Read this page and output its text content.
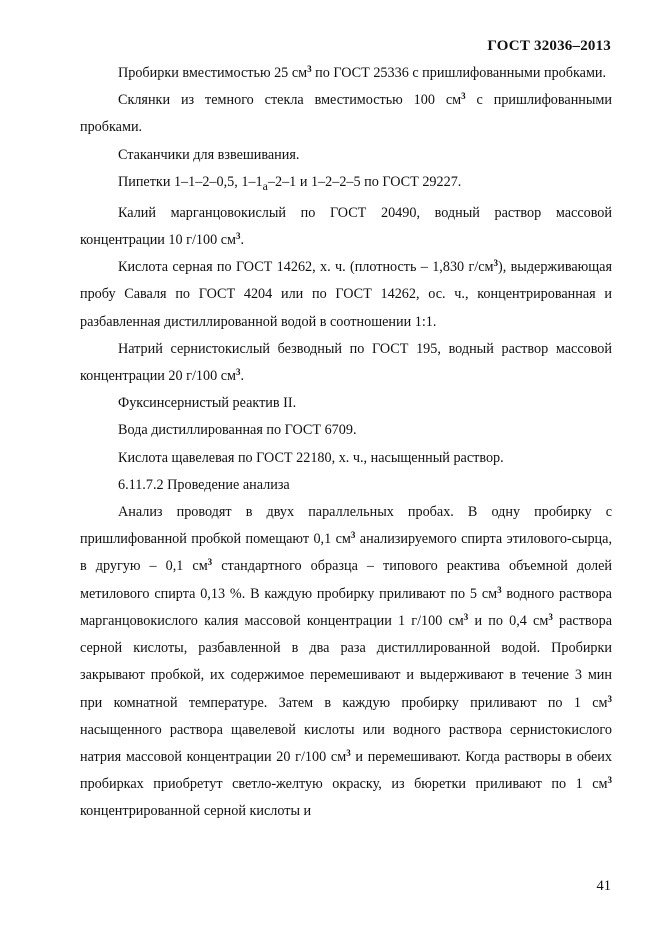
ГОСТ 32036–2013

Пробирки вместимостью 25 $см^3$ по ГОСТ 25336 с пришлифованными пробками.

Склянки из темного стекла вместимостью 100 $см^3$ с пришлифованными пробками.

Стаканчики для взвешивания.

Пипетки 1–1–2–0,5, $1-1_а-2-1$ и 1–2–2–5 по ГОСТ 29227.

Калий марганцовокислый по ГОСТ 20490, водный раствор массовой концентрации 10 г/100 $см^3$.

Кислота серная по ГОСТ 14262, х. ч. (плотность – 1,830 $г/см^3$), выдерживающая пробу Саваля по ГОСТ 4204 или по ГОСТ 14262, ос. ч., концентрированная и разбавленная дистиллированной водой в соотношении 1:1.

Натрий сернистокислый безводный по ГОСТ 195, водный раствор массовой концентрации 20 г/100 $см^3$.

Фуксинсернистый реактив II.

Вода дистиллированная по ГОСТ 6709.

Кислота щавелевая по ГОСТ 22180, х. ч., насыщенный раствор.

6.11.7.2 Проведение анализа

Анализ проводят в двух параллельных пробах. В одну пробирку с пришлифованной пробкой помещают 0,1 $см^3$ анализируемого спирта этилового-сырца, в другую – 0,1 $см^3$ стандартного образца – типового реактива объемной долей метилового спирта 0,13 %. В каждую пробирку приливают по 5 $см^3$ водного раствора марганцовокислого калия массовой концентрации 1 г/100 $см^3$ и по 0,4 $см^3$ раствора серной кислоты, разбавленной в два раза дистиллированной водой. Пробирки закрывают пробкой, их содержимое перемешивают и выдерживают в течение 3 мин при комнатной температуре. Затем в каждую пробирку приливают по 1 $см^3$ насыщенного раствора щавелевой кислоты или водного раствора сернистокислого натрия массовой концентрации 20 г/100 $см^3$ и перемешивают. Когда растворы в обеих пробирках приобретут светло-желтую окраску, из бюретки приливают по 1 $см^3$ концентрированной серной кислоты и

41
